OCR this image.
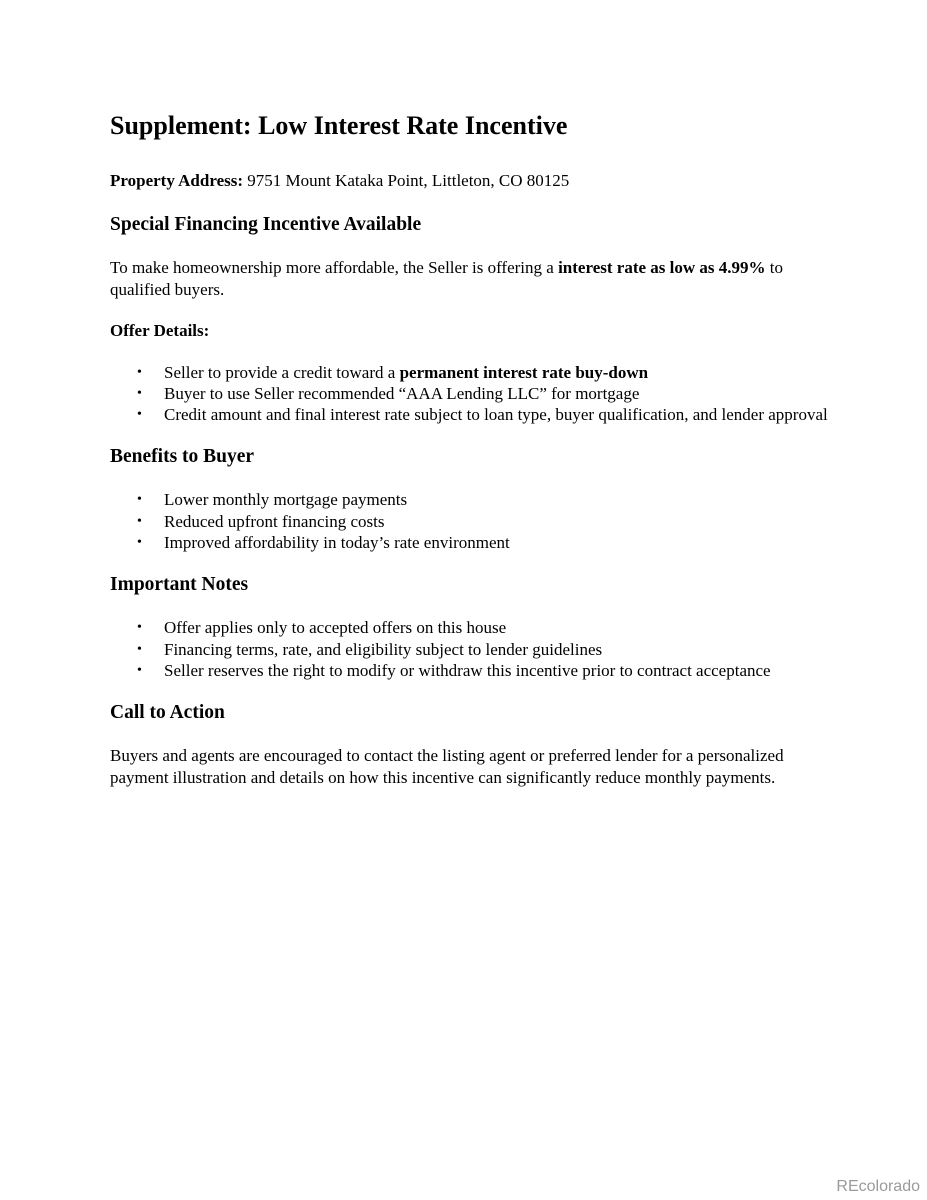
Supplement: Low Interest Rate Incentive
Property Address: 9751 Mount Kataka Point, Littleton, CO 80125
Special Financing Incentive Available

To make homeownership more affordable, the Seller is offering a interest rate as low as 4.99% to qualified buyers.

Offer Details:
• Seller to provide a credit toward a permanent interest rate buy-down
• Buyer to use Seller recommended “AAA Lending LLC” for mortgage
• Credit amount and final interest rate subject to loan type, buyer qualification, and lender approval
Benefits to Buyer
• Lower monthly mortgage payments
• Reduced upfront financing costs
• Improved affordability in today’s rate environment
Important Notes
• Offer applies only to accepted offers on this house
• Financing terms, rate, and eligibility subject to lender guidelines
• Seller reserves the right to modify or withdraw this incentive prior to contract acceptance
Call to Action

Buyers and agents are encouraged to contact the listing agent or preferred lender for a personalized payment illustration and details on how this incentive can significantly reduce monthly payments.

REcolorado
